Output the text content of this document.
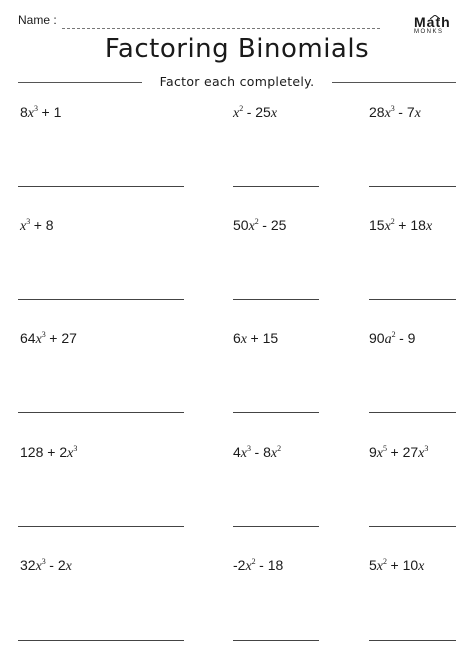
Name :	Math
MONKS
Factoring Binomials
Factor each completely.
$8x^3 + 1$	$x^2 - 25x$	$28x^3 - 7x$
$x^3 + 8$	$50x^2 - 25$	$15x^2 + 18x$
$64x^3 + 27$	6x + 15	$90a^2 - 9$
$128 + 2x^3$	$4x^3 - 8x^2$	$9x^5 + 27x^3$
$32x^3 - 2x$	$-2x^2 - 18$	$5x^2 + 10x$
